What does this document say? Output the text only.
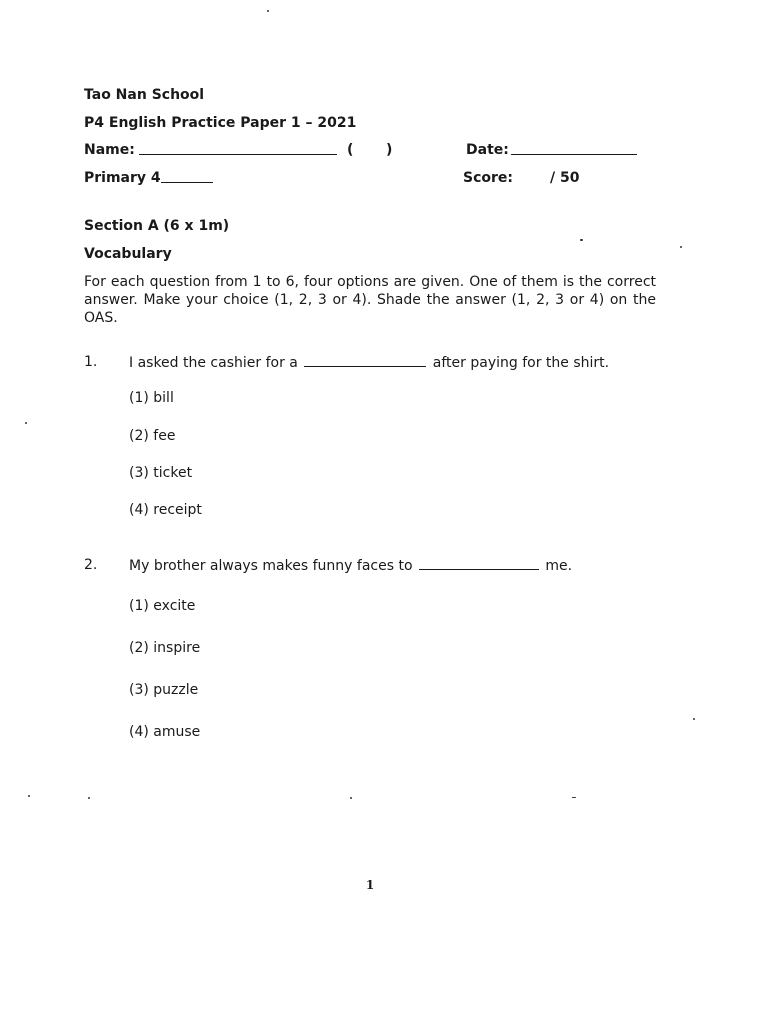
Tao Nan School
P4 English Practice Paper 1 – 2021
Name:	( )	Date:
Primary 4	Score:	/ 50
Section A (6 x 1m)
Vocabulary
For each question from 1 to 6, four options are given. One of them is the correct answer. Make your choice (1, 2, 3 or 4). Shade the answer (1, 2, 3 or 4) on the OAS.
1. I asked the cashier for a	after paying for the shirt.
(1) bill
(2) fee
(3) ticket
(4) receipt
2. My brother always makes funny faces to	me.
(1) excite
(2) inspire
(3) puzzle
(4) amuse
1
